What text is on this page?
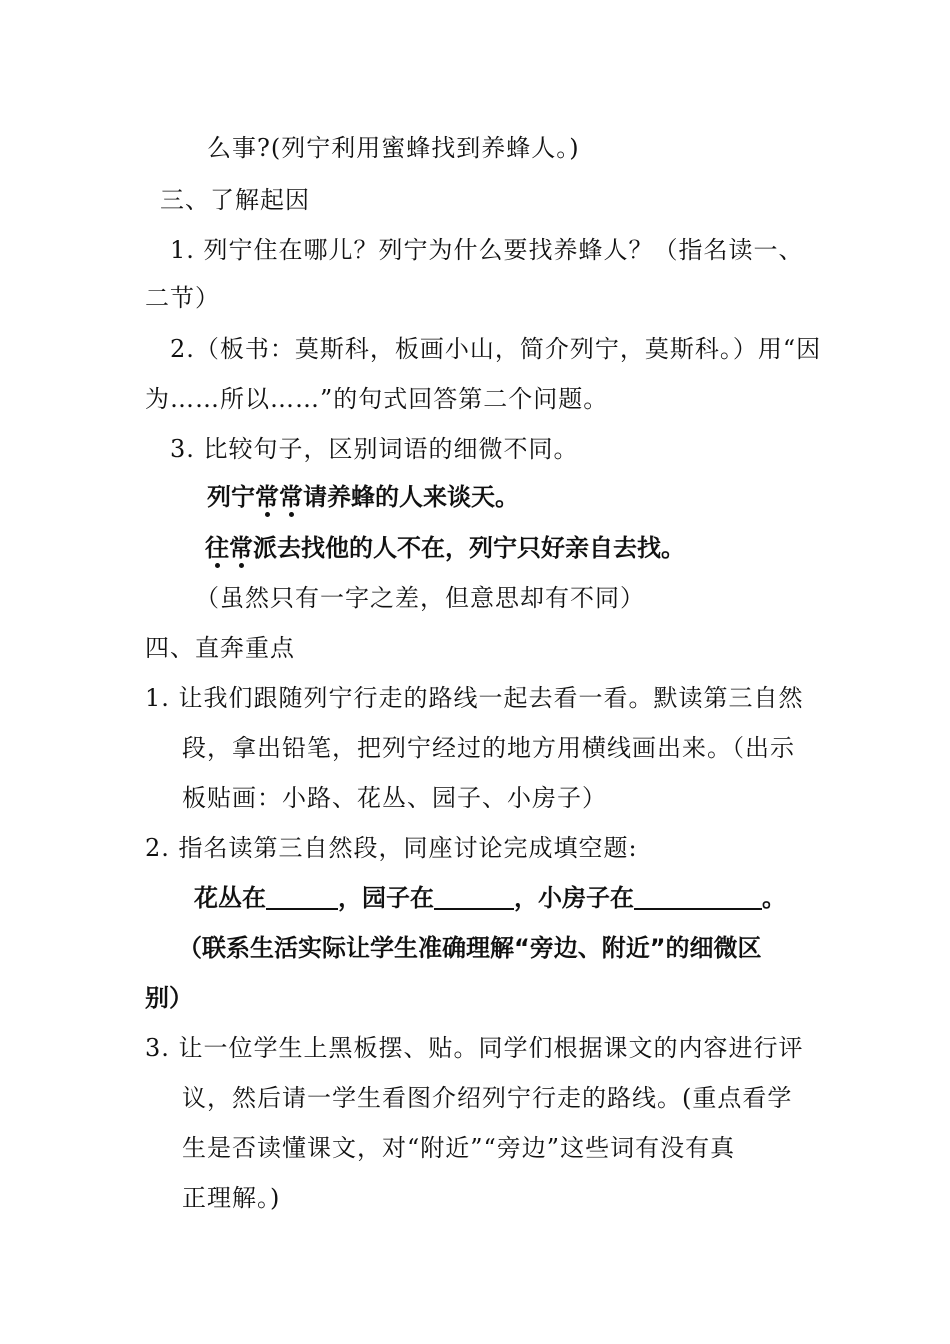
么事?(列宁利用蜜蜂找到养蜂人。)
三、了解起因
1. 列宁住在哪儿？列宁为什么要找养蜂人？（指名读一、
二节）
2.（板书：莫斯科，板画小山，简介列宁，莫斯科。）用“因
为……所以……”的句式回答第二个问题。
3. 比较句子，区别词语的细微不同。
列宁常常请养蜂的人来谈天。
往常派去找他的人不在，列宁只好亲自去找。
（虽然只有一字之差，但意思却有不同）
四、直奔重点
1. 让我们跟随列宁行走的路线一起去看一看。默读第三自然
段，拿出铅笔，把列宁经过的地方用横线画出来。（出示
板贴画：小路、花丛、园子、小房子）
2. 指名读第三自然段，同座讨论完成填空题:
花丛在	，园子在	，小房子在	。
（联系生活实际让学生准确理解“旁边、附近”的细微区
别）
3. 让一位学生上黑板摆、贴。同学们根据课文的内容进行评
议，然后请一学生看图介绍列宁行走的路线。(重点看学
生是否读懂课文，对“附近”“旁边”这些词有没有真
正理解。)
